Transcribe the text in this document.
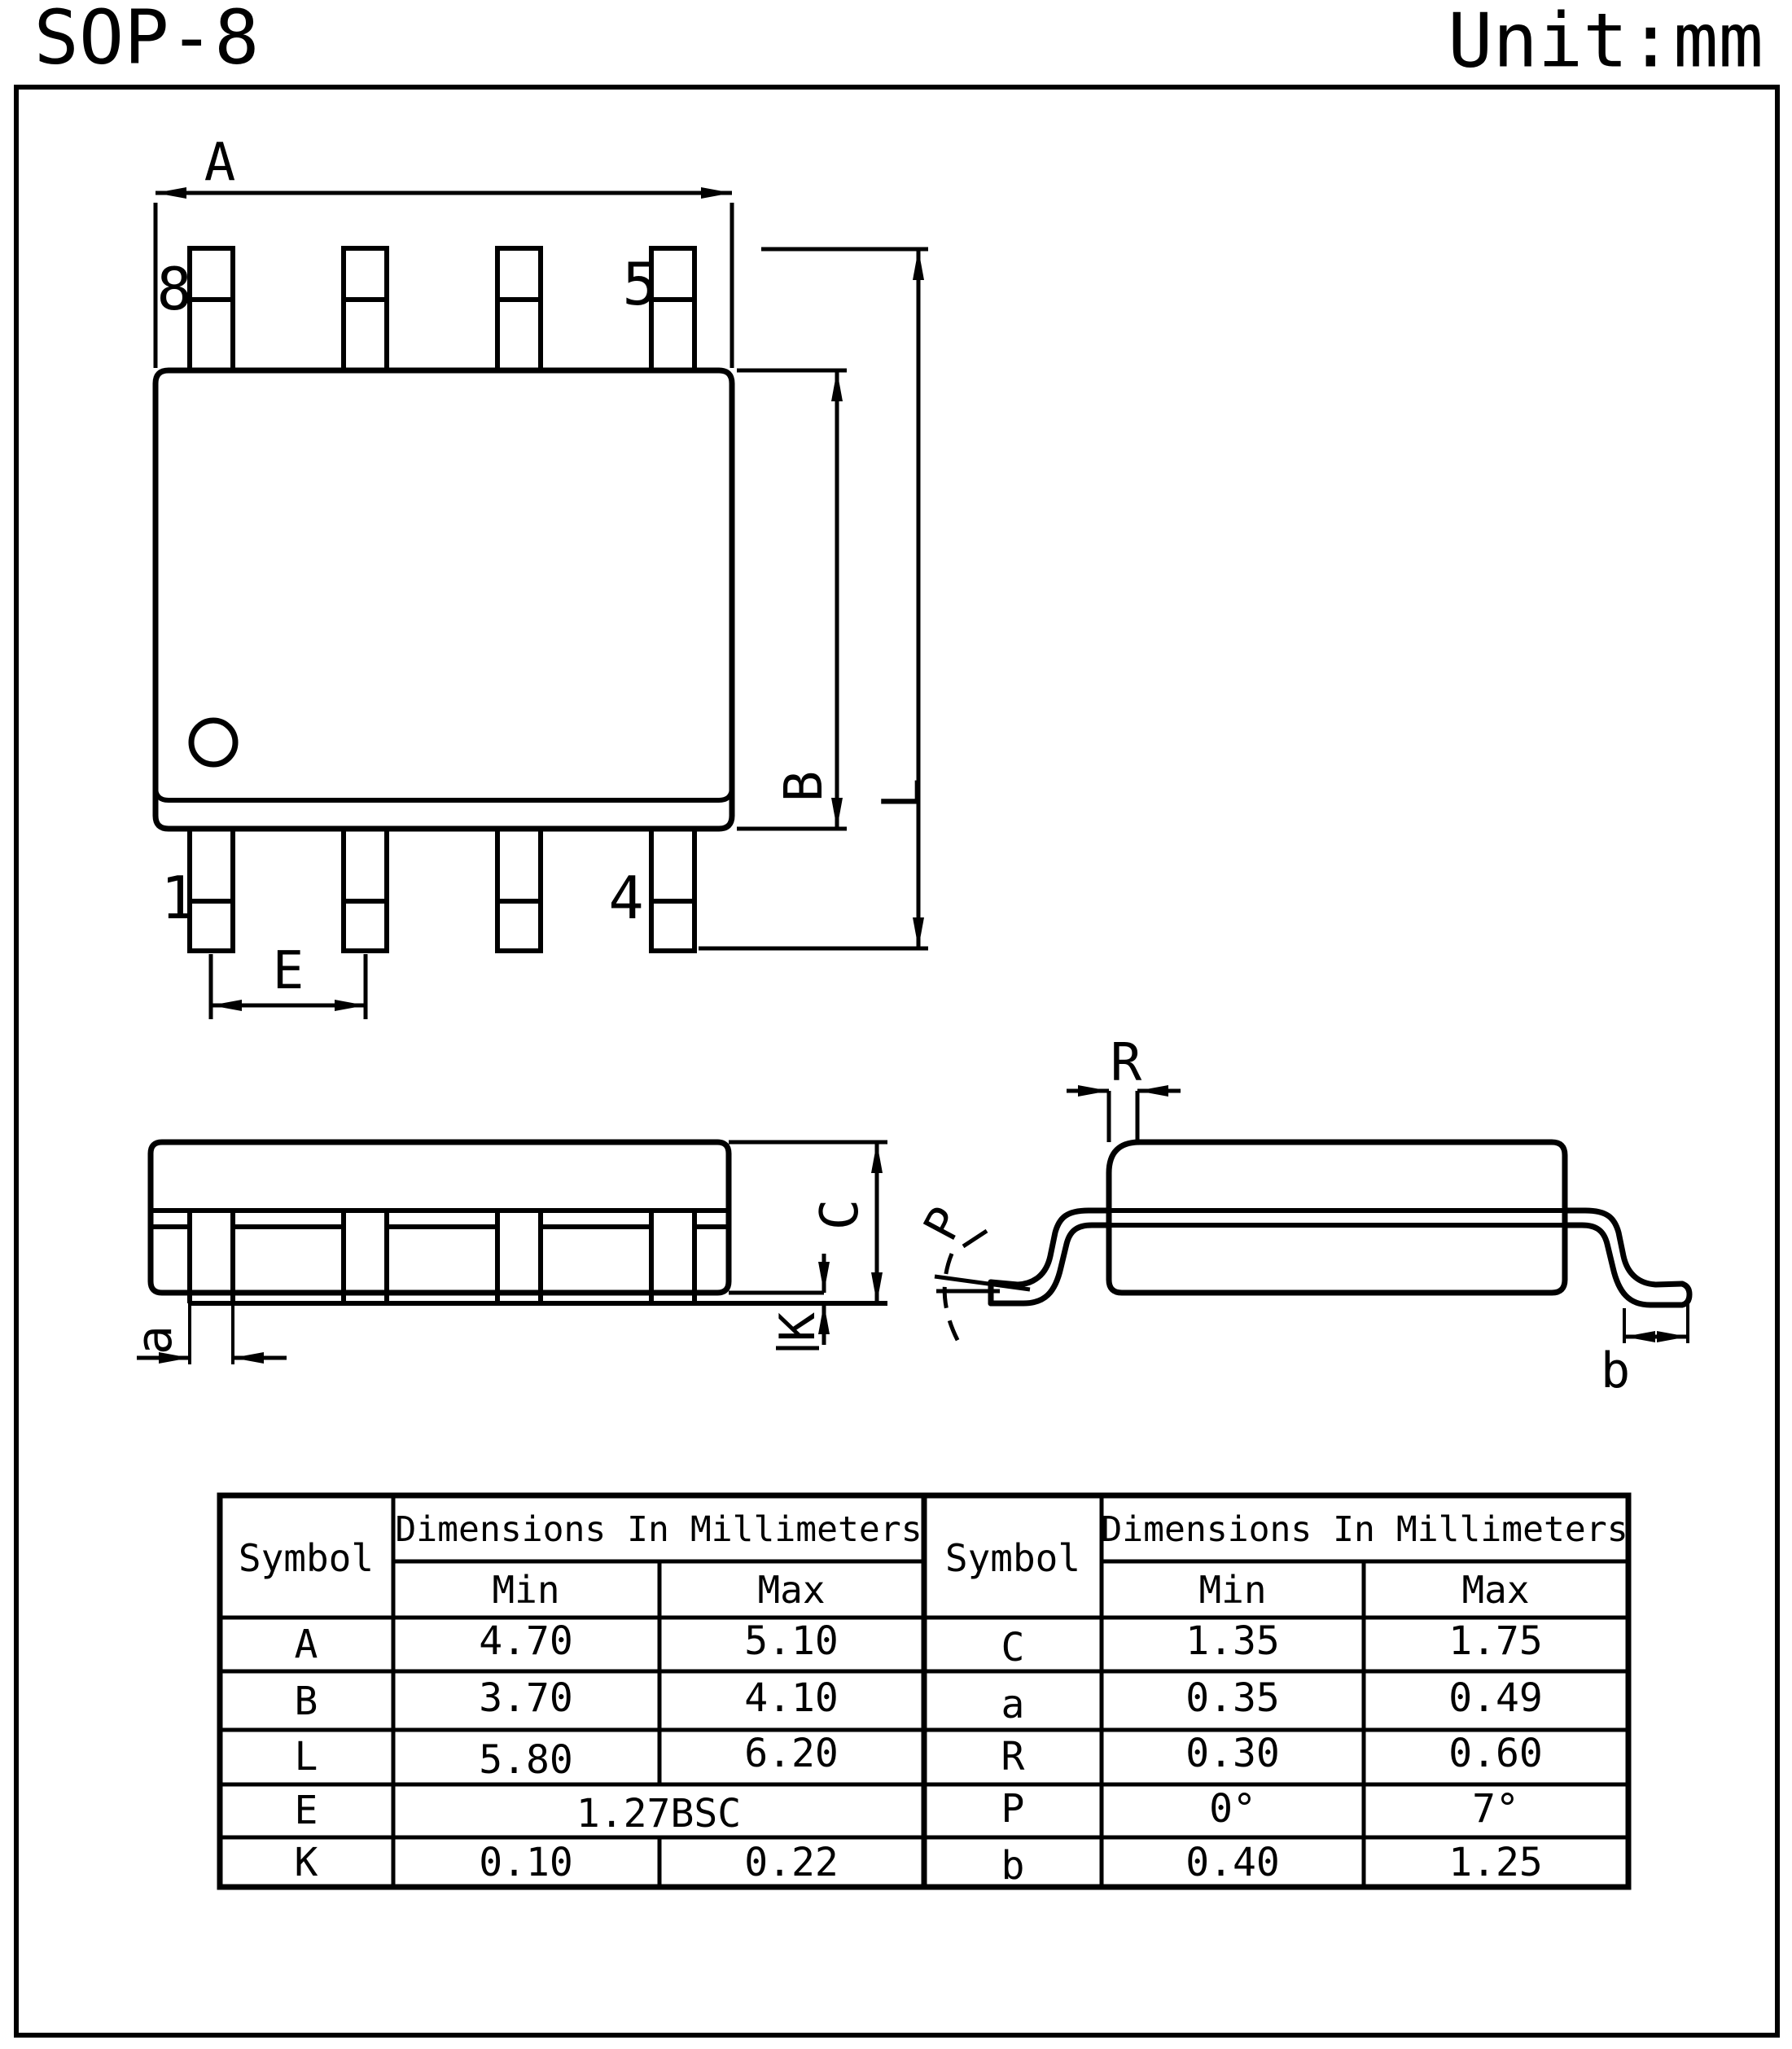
SOP-8	Unit:mm
8	5
1	4
A
B L
E
a
C
K
R
P
b
Symbol
Dimensions In Millimeters
Min	Max
Symbol
Dimensions In Millimeters
Min	Max
A	4.70	5.10
B	3.70	4.10
L	5.80	6.20
E	1.27BSC
K	0.10	0.22
C	1.35	1.75
a	0.35	0.49
R	0.30	0.60
P	0°	7°
b	0.40	1.25
